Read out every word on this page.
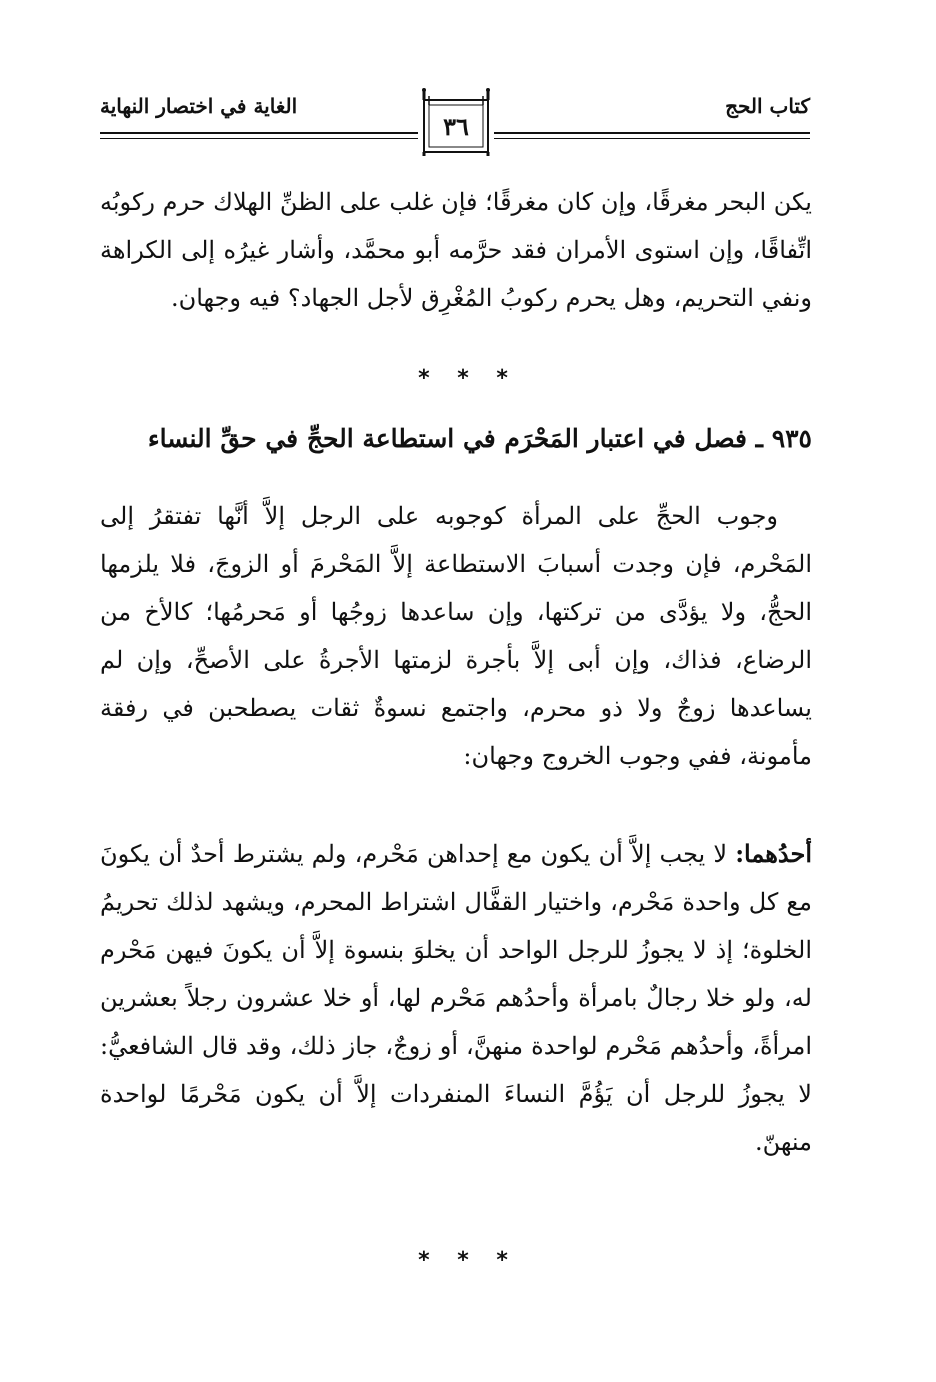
كتاب الحج
الغاية في اختصار النهاية
٣٦
يكن البحر مغرقًا، وإن كان مغرقًا؛ فإن غلب على الظنِّ الهلاك حرم ركوبُه اتِّفاقًا، وإن استوى الأمران فقد حرَّمه أبو محمَّد، وأشار غيرُه إلى الكراهة ونفي التحريم، وهل يحرم ركوبُ المُغْرِق لأجل الجهاد؟ فيه وجهان.
* * *
٩٣٥ ـ فصل في اعتبار المَحْرَم في استطاعة الحجِّ في حقِّ النساء
وجوب الحجِّ على المرأة كوجوبه على الرجل إلاَّ أنَّها تفتقرُ إلى المَحْرم، فإن وجدت أسبابَ الاستطاعة إلاَّ المَحْرمَ أو الزوجَ، فلا يلزمها الحجُّ، ولا يؤدَّى من تركتها، وإن ساعدها زوجُها أو مَحرمُها؛ كالأخ من الرضاع، فذاك، وإن أبى إلاَّ بأجرة لزمتها الأجرةُ على الأصحِّ، وإن لم يساعدها زوجٌ ولا ذو محرم، واجتمع نسوةٌ ثقات يصطحبن في رفقة مأمونة، ففي وجوب الخروج وجهان:
أحدُهما: لا يجب إلاَّ أن يكون مع إحداهن مَحْرم، ولم يشترط أحدٌ أن يكونَ مع كل واحدة مَحْرم، واختيار القفَّال اشتراط المحرم، ويشهد لذلك تحريمُ الخلوة؛ إذ لا يجوزُ للرجل الواحد أن يخلوَ بنسوة إلاَّ أن يكونَ فيهن مَحْرم له، ولو خلا رجالٌ بامرأة وأحدُهم مَحْرم لها، أو خلا عشرون رجلاً بعشرين امرأةً، وأحدُهم مَحْرم لواحدة منهنَّ، أو زوجٌ، جاز ذلك، وقد قال الشافعيُّ: لا يجوزُ للرجل أن يَؤُمَّ النساءَ المنفردات إلاَّ أن يكون مَحْرمًا لواحدة منهنّ.
* * *
